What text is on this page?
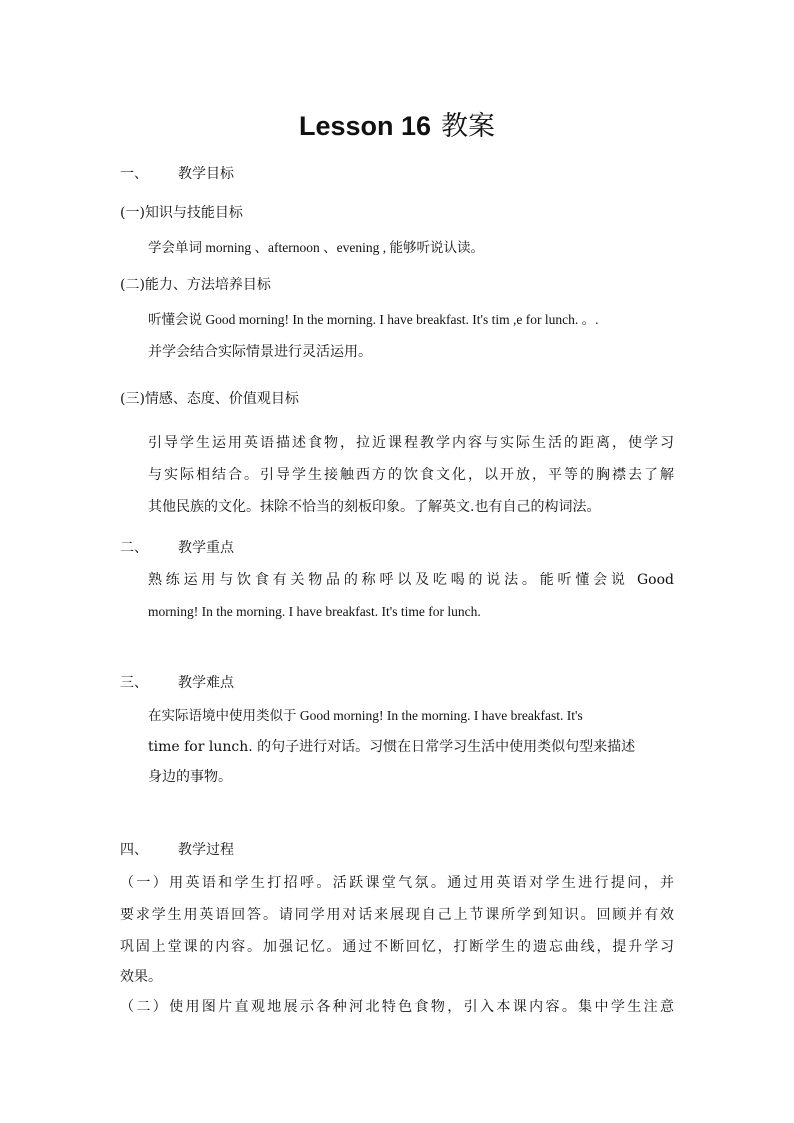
Lesson 16 教案
一、 教学目标
(一)知识与技能目标
学会单词 morning 、afternoon 、evening , 能够听说认读。
(二)能力、方法培养目标
听懂会说 Good morning! In the morning. I have breakfast. It's tim ,e for lunch. 。.
并学会结合实际情景进行灵活运用。
(三)情感、态度、价值观目标
引导学生运用英语描述食物，拉近课程教学内容与实际生活的距离，使学习
与实际相结合。引导学生接触西方的饮食文化，以开放，平等的胸襟去了解
其他民族的文化。抹除不恰当的刻板印象。了解英文.也有自己的构词法。
二、 教学重点
熟练运用与饮食有关物品的称呼以及吃喝的说法。能听懂会说 Good
morning! In the morning. I have breakfast. It's time for lunch.
三、 教学难点
在实际语境中使用类似于 Good morning! In the morning. I have breakfast. It's
time for lunch. 的句子进行对话。习惯在日常学习生活中使用类似句型来描述
身边的事物。
四、 教学过程
（一）用英语和学生打招呼。活跃课堂气氛。通过用英语对学生进行提问，并
要求学生用英语回答。请同学用对话来展现自己上节课所学到知识。回顾并有效
巩固上堂课的内容。加强记忆。通过不断回忆，打断学生的遗忘曲线，提升学习
效果。
（二）使用图片直观地展示各种河北特色食物，引入本课内容。集中学生注意
